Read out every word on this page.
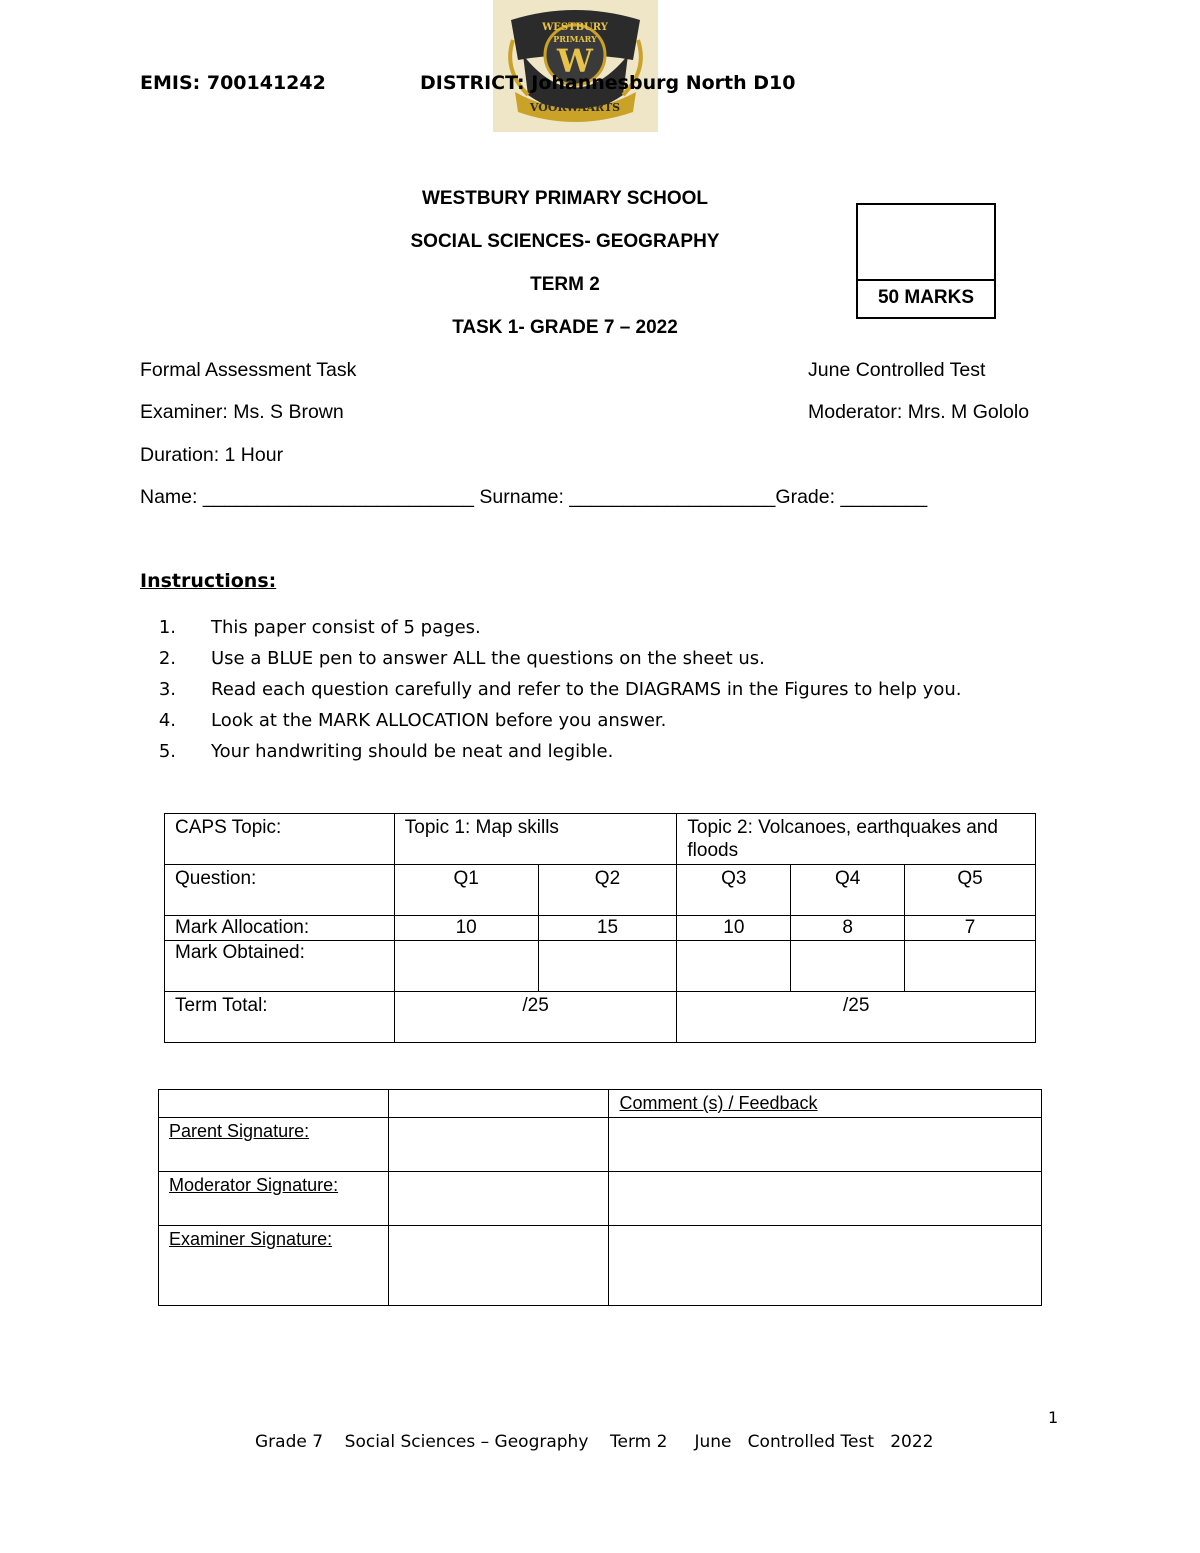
EMIS: 700141242
WESTBURY
PRIMARY
W
VOORWAARTS
DISTRICT: Johannesburg North D10
WESTBURY PRIMARY SCHOOL
SOCIAL SCIENCES- GEOGRAPHY
TERM 2
TASK 1- GRADE 7 – 2022
50 MARKS
Formal Assessment Task	June Controlled Test
Examiner: Ms. S Brown	Moderator: Mrs. M Gololo
Duration: 1 Hour
Name: _________________________ Surname: ___________________Grade: ________
Instructions:
1. This paper consist of 5 pages.
2. Use a BLUE pen to answer ALL the questions on the sheet us.
3. Read each question carefully and refer to the DIAGRAMS in the Figures to help you.
4. Look at the MARK ALLOCATION before you answer.
5. Your handwriting should be neat and legible.
CAPS Topic:	Topic 1: Map skills		Topic 2: Volcanoes, earthquakes and floods		
Question:	Q1	Q2	Q3	Q4	Q5
Mark Allocation:	10	15	10	8	7
Mark Obtained:					
Term Total:	/25		/25		
		Comment (s) / Feedback
Parent Signature:		
Moderator Signature:		
Examiner Signature:		
1
Grade 7    Social Sciences – Geography    Term 2     June   Controlled Test   2022
